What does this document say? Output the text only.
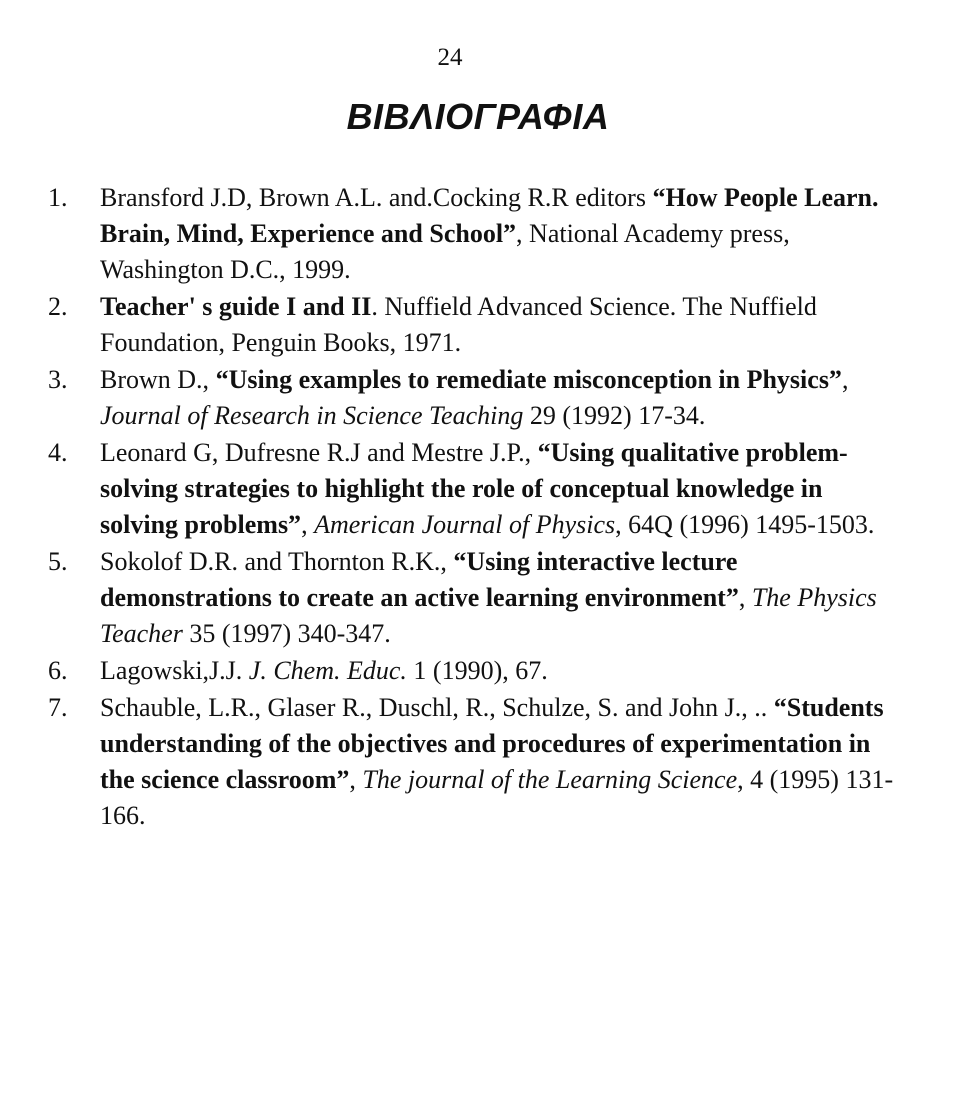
24
ΒΙΒΛΙΟΓΡΑΦΙΑ
1.	Bransford J.D, Brown A.L. and.Cocking R.R editors “How People Learn. Brain, Mind, Experience and School”, National Academy press, Washington D.C., 1999.
2.	Teacher' s guide I and II. Nuffield Advanced Science. The Nuffield Foundation, Penguin Books, 1971.
3.	Brown D., “Using examples to remediate misconception in Physics”, Journal of Research in Science Teaching 29 (1992) 17-34.
4.	Leonard G, Dufresne R.J and Mestre J.P., “Using qualitative problem-solving strategies to highlight the role of conceptual knowledge in solving problems”, American Journal of Physics, 64Q (1996) 1495-1503.
5.	Sokolof D.R. and Thornton R.K., “Using interactive lecture demonstrations to create an active learning environment”, The Physics Teacher 35 (1997) 340-347.
6.	Lagowski,J.J. J. Chem. Educ. 1 (1990), 67.
7.	Schauble, L.R., Glaser R., Duschl, R., Schulze, S. and John J., .. “Students understanding of the objectives and procedures of experimentation in the science classroom”, The journal of the Learning Science, 4 (1995) 131- 166.
